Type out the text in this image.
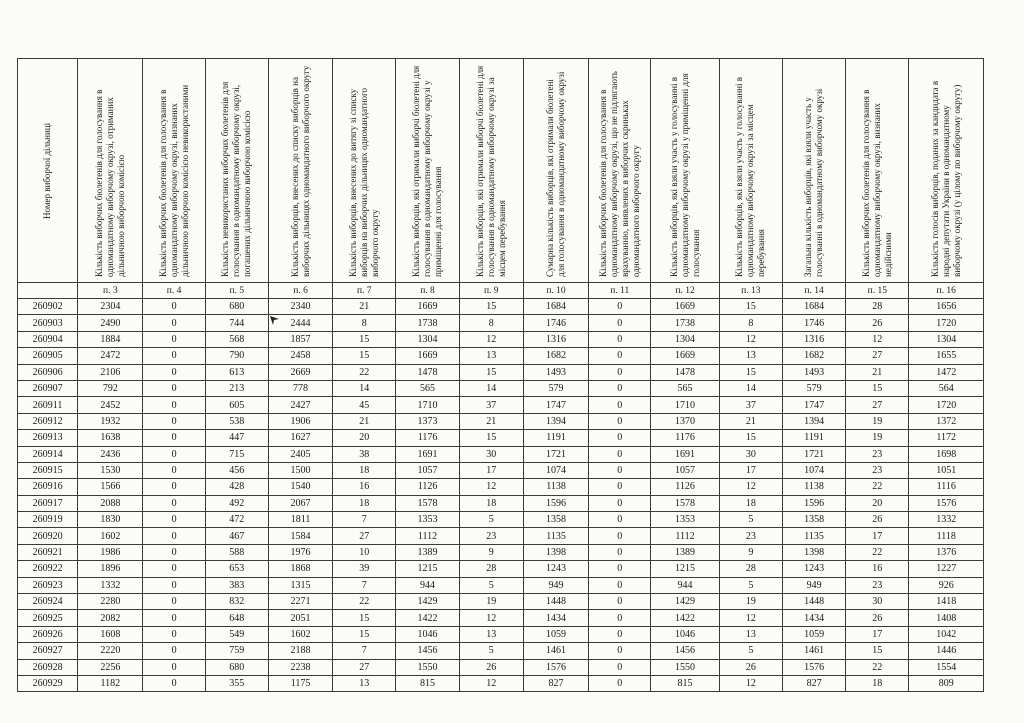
Номер виборчої дільниці	Кількість виборчих бюлетенів для голосування в одномандатному виборчому окрузі, отриманих дільничною виборчою комісією	Кількість виборчих бюлетенів для голосування в одномандатному виборчому окрузі, визнаних дільничною виборчою комісією невикористаними	Кількість невикористаних виборчих бюлетенів для голосування в одномандатному виборчому окрузі, погашених дільничною виборчою комісією	Кількість виборців, внесених до списку виборців на виборчих дільницях одномандатного виборчого округу	Кількість виборців, внесених до витягу зі списку виборців на виборчих дільницях одномандатного виборчого округу	Кількість виборців, які отримали виборчі бюлетені для голосування в одномандатному виборчому окрузі у приміщенні для голосування	Кількість виборців, які отримали виборчі бюлетені для голосування в одномандатному виборчому окрузі за місцем перебування	Сумарна кількість виборців, які отримали бюлетені для голосування в одномандатному виборчому окрузі	Кількість виборчих бюлетенів для голосування в одномандатному виборчому окрузі, що не підлягають врахуванню, виявлених в виборчих скриньках одномандатного виборчого округу	Кількість виборців, які взяли участь у голосуванні в одномандатному виборчому окрузі у приміщенні для голосування	Кількість виборців, які взяли участь у голосуванні в одномандатному виборчому окрузі за місцем перебування	Загальна кількість виборців, які взяли участь у голосуванні в одномандатному виборчому окрузі	Кількість виборчих бюлетенів для голосування в одномандатному виборчому окрузі, визнаних недійсними	Кількість голосів виборців, поданих за кандидата в народні депутати України в одномандатному виборчому окрузі (у цілому по виборчому округу)

	п. 3	п. 4	п. 5	п. 6	п. 7	п. 8	п. 9	п. 10	п. 11	п. 12	п. 13	п. 14	п. 15	п. 16
260902	2304	0	680	2340	21	1669	15	1684	0	1669	15	1684	28	1656
260903	2490	0	744	2444	8	1738	8	1746	0	1738	8	1746	26	1720
260904	1884	0	568	1857	15	1304	12	1316	0	1304	12	1316	12	1304
260905	2472	0	790	2458	15	1669	13	1682	0	1669	13	1682	27	1655
260906	2106	0	613	2669	22	1478	15	1493	0	1478	15	1493	21	1472
260907	792	0	213	778	14	565	14	579	0	565	14	579	15	564
260911	2452	0	605	2427	45	1710	37	1747	0	1710	37	1747	27	1720
260912	1932	0	538	1906	21	1373	21	1394	0	1370	21	1394	19	1372
260913	1638	0	447	1627	20	1176	15	1191	0	1176	15	1191	19	1172
260914	2436	0	715	2405	38	1691	30	1721	0	1691	30	1721	23	1698
260915	1530	0	456	1500	18	1057	17	1074	0	1057	17	1074	23	1051
260916	1566	0	428	1540	16	1126	12	1138	0	1126	12	1138	22	1116
260917	2088	0	492	2067	18	1578	18	1596	0	1578	18	1596	20	1576
260919	1830	0	472	1811	7	1353	5	1358	0	1353	5	1358	26	1332
260920	1602	0	467	1584	27	1112	23	1135	0	1112	23	1135	17	1118
260921	1986	0	588	1976	10	1389	9	1398	0	1389	9	1398	22	1376
260922	1896	0	653	1868	39	1215	28	1243	0	1215	28	1243	16	1227
260923	1332	0	383	1315	7	944	5	949	0	944	5	949	23	926
260924	2280	0	832	2271	22	1429	19	1448	0	1429	19	1448	30	1418
260925	2082	0	648	2051	15	1422	12	1434	0	1422	12	1434	26	1408
260926	1608	0	549	1602	15	1046	13	1059	0	1046	13	1059	17	1042
260927	2220	0	759	2188	7	1456	5	1461	0	1456	5	1461	15	1446
260928	2256	0	680	2238	27	1550	26	1576	0	1550	26	1576	22	1554
260929	1182	0	355	1175	13	815	12	827	0	815	12	827	18	809
